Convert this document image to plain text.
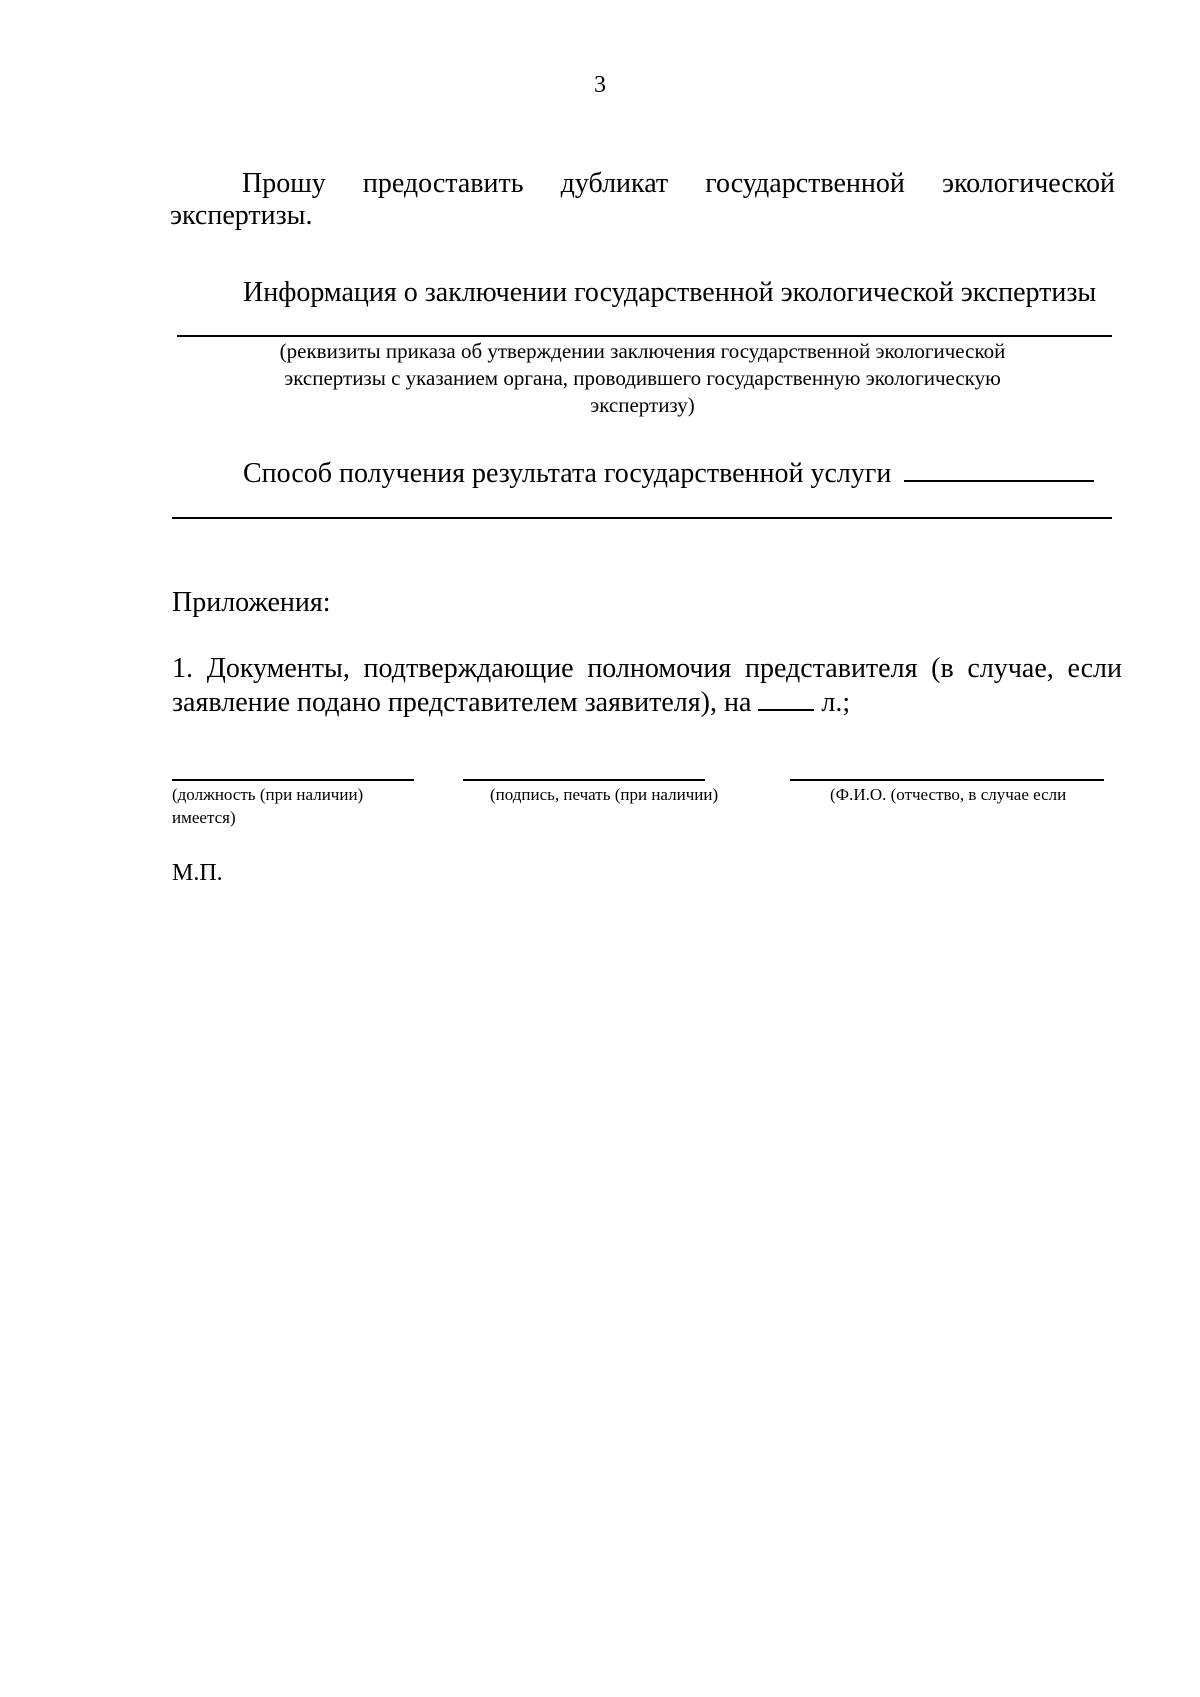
3
Прошу предоставить дубликат государственной экологической
экспертизы.
Информация о заключении государственной экологической экспертизы
(реквизиты приказа об утверждении заключения государственной экологической
экспертизы с указанием органа, проводившего государственную экологическую
экспертизу)
Способ получения результата государственной услуги
Приложения:
1. Документы, подтверждающие полномочия представителя (в случае, если
заявление подано представителем заявителя), на	л.;
(должность (при наличии)
имеется)
(подпись, печать (при наличии)	(Ф.И.О. (отчество, в случае если
М.П.
